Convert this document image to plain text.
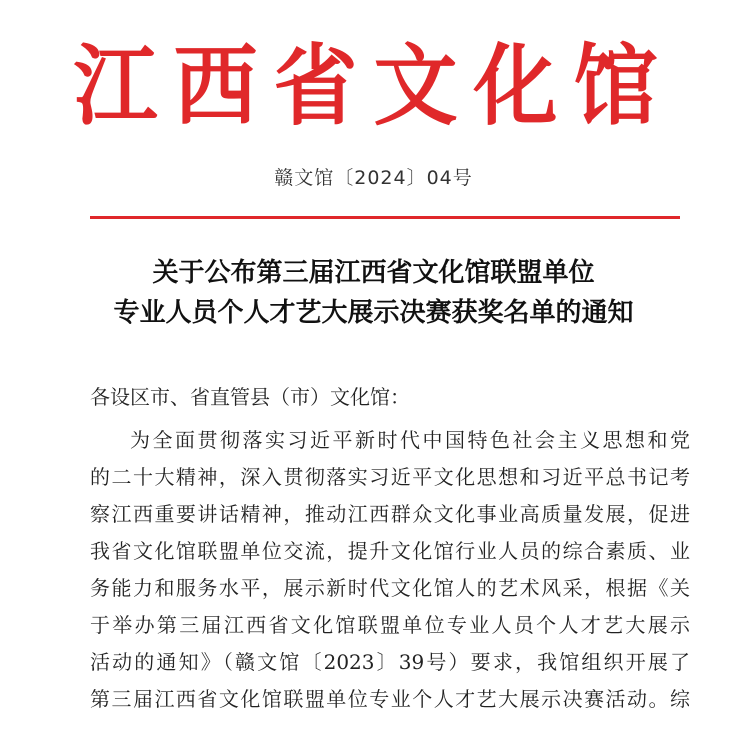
江西省文化馆
赣文馆〔2024〕04号
关于公布第三届江西省文化馆联盟单位
专业人员个人才艺大展示决赛获奖名单的通知
各设区市、省直管县（市）文化馆：
为全面贯彻落实习近平新时代中国特色社会主义思想和党
的二十大精神，深入贯彻落实习近平文化思想和习近平总书记考
察江西重要讲话精神，推动江西群众文化事业高质量发展，促进
我省文化馆联盟单位交流，提升文化馆行业人员的综合素质、业
务能力和服务水平，展示新时代文化馆人的艺术风采，根据《关
于举办第三届江西省文化馆联盟单位专业人员个人才艺大展示
活动的通知》（赣文馆〔2023〕39号）要求，我馆组织开展了
第三届江西省文化馆联盟单位专业个人才艺大展示决赛活动。综
